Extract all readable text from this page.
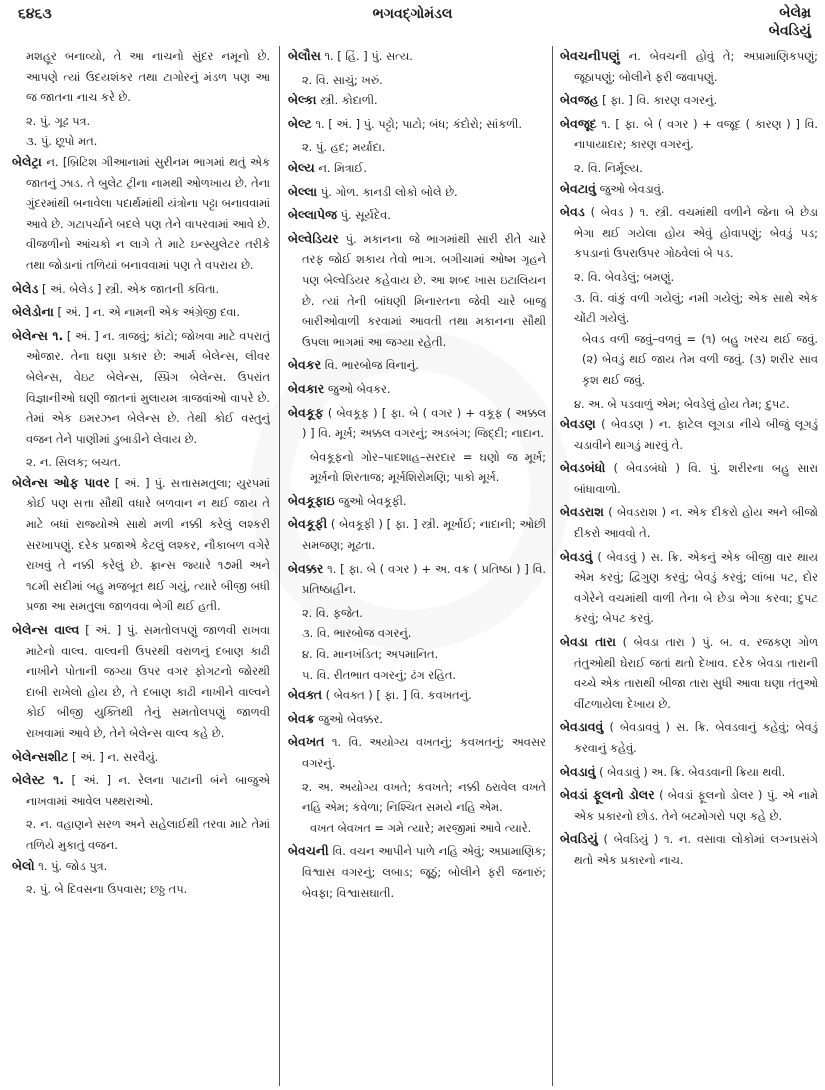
૬૪૬૩	ભગવદ્ગોમંડલ	બેલેમ્ર
બેવડિયું

મશહૂર બનાવ્યો, તે આ નાચનો સુંદર નમૂનો છે. આપણે ત્યાં ઉદયશંકર તથા ટાગોરનું મંડળ પણ આ જ જાતના નાચ કરે છે.

૨. પું. ગૂઢ પત્ર.

૩. પું. છૂપો મત.

બેલેટ્રા ન. [બ્રિટિશ ગીઆનામાં સુરીનમ ભાગમાં થતું એક જાતનું ઝાડ. તે બુલેટ ટ્રીના નામથી ઓળખાય છે. તેના ગુંદરમાંથી બનાવેલા પદાર્થમાંથી યંત્રોના પટ્ટા બનાવવામાં આવે છે. ગટાપર્ચાને બદલે પણ તેને વાપરવામાં આવે છે. વીજળીનો આંચકો ન લાગે તે માટે ઇન્સ્યુલેટર તરીકે તથા જોડાનાં તળિયાં બનાવવામાં પણ તે વપરાય છે.

બેલેડ [ અં. બેલેડ ] સ્ત્રી. એક જાતની કવિતા.

બેલેડોના [ અં. ] ન. એ નામની એક અંગ્રેજી દવા.

બેલેન્સ ૧. [ અં. ] ન. ત્રાજવું; કાંટો; જોખવા માટે વપરાતું ઓજાર. તેના ઘણા પ્રકાર છે: આર્મ બેલેન્સ, લીવર બેલેન્સ, વેઇટ બેલેન્સ, સ્પ્રિંગ બેલેન્સ. ઉપરાંત વિજ્ઞાનીઓ ઘણી જાતનાં મુલાયમ ત્રાજવાંઓ વાપરે છે. તેમાં એક ઇમરઝન બેલેન્સ છે. તેથી કોઈ વસ્તુનું વજન તેને પાણીમાં ડુબાડીને લેવાય છે.

૨. ન. સિલક; બચત.

બેલેન્સ ઓફ પાવર [ અં. ] પું. સત્તાસમતુલા; યુરપમાં કોઈ પણ સત્તા સૌથી વધારે બળવાન ન થઈ જાય તે માટે બધાં રાજ્યોએ સાથે મળી નક્કી કરેલું લશ્કરી સરખાપણું. દરેક પ્રજાએ કેટલું લશ્કર, નૌકાબળ વગેરે રાખવું તે નક્કી કરેલું છે. ફ્રાન્સ જ્યારે ૧૭મી અને ૧૮મી સદીમાં બહુ મજબૂત થઈ ગયું, ત્યારે બીજી બધી પ્રજા આ સમતુલા જાળવવા ભેગી થઈ હતી.

બેલેન્સ વાલ્વ [ અં. ] પું. સમતોલપણું જાળવી રાખવા માટેનો વાલ્વ. વાલ્વની ઉપરથી વરાળનું દબાણ કાઢી નાખીને પોતાની જગ્યા ઉપર વગર ફોગટનો જોરથી દાબી રાખેલો હોય છે, તે દબાણ કાઢી નાખીને વાલ્વને કોઈ બીજી યુક્તિથી તેનું સમતોલપણું જાળવી રાખવામાં આવે છે, તેને બેલેન્સ વાલ્વ કહે છે.

બેલેન્સશીટ [ અં. ] ન. સરવૈયું.

બેલેસ્ટ ૧. [ અં. ] ન. રેલના પાટાની બંને બાજુએ નાખવામાં આવેલ પથ્થરાઓ.

૨. ન. વહાણને સરળ અને સહેલાઈથી તરવા માટે તેમાં તળિયે મુકાતું વજન.

બેલો ૧. પું. જોડ પુત્ર.

૨. પું. બે દિવસના ઉપવાસ; છઠ્ઠ તપ.

બેલૌસ ૧. [ હિં. ] પું. સત્ય.

૨. વિ. સાચું; ખરું.

બેલ્કા સ્ત્રી. કોદાળી.

બેલ્ટ ૧. [ અં. ] પું. પટ્ટો; પાટો; બંધ; કંદોરો; સાંકળી.

૨. પું. હદ; મર્યાદા.

બેલ્ય ન. મિત્રાઈ.

બેલ્લા પું. ગોળ. કાનડી લોકો બોલે છે.

બેલ્લાપેજ પું. સૂર્યદેવ.

બેલ્વેડિયર પું. મકાનના જે ભાગમાંથી સારી રીતે ચારે તરફ જોઈ શકાય તેવો ભાગ. બગીચામાં ઓષ્મ ગૃહને પણ બેલ્વેડિયર કહેવાય છે. આ શબ્દ ખાસ ઇટાલિયન છે. ત્યાં તેની બાંધણી મિનારતના જેવી ચારે બાજુ બારીઓવાળી કરવામાં આવતી તથા મકાનના સૌથી ઉપલા ભાગમાં આ જગ્યા રહેતી.

બેવકર વિ. ભારબોજ વિનાનું.

બેવકાર જુઓ બેવકર.

બેવકૂફ ( બેવકૂફ ) [ ફા. બે ( વગર ) + વકૂફ ( અક્કલ ) ] વિ. મૂર્ખ; અક્કલ વગરનું; અડબંગ; જિદ્દી; નાદાન.

બેવકૂફનો ગોર–પાદશાહ–સરદાર = ઘણો જ મૂર્ખ; મૂર્ખનો શિરતાજ; મૂર્ખશિરોમણિ; પાકો મૂર્ખ.

બેવકૂફાઇ જુઓ બેવકૂફી.

બેવકૂફી ( બેવકૂફી ) [ ફા. ] સ્ત્રી. મૂર્ખાઈ; નાદાની; ઓછી સમજણ; મૂઢતા.

બેવક્કર ૧. [ ફા. બે ( વગર ) + અ. વક્ર ( પ્રતિષ્ઠા ) ] વિ. પ્રતિષ્ઠાહીન.

૨. વિ. ફજેત.

૩. વિ. ભારબોજ વગરનું.

૪. વિ. માનખંડિત; અપમાનિત.

૫. વિ. રીતભાત વગરનું; ઢંગ રહિત.

બેવક્ત ( બેવક્ત ) [ ફા. ] વિ. કવખતનું.

બેવક્ર જુઓ બેવક્કર.

બેવખત ૧. વિ. અયોગ્ય વખતનું; કવખતનું; અવસર વગરનું.

૨. અ. અયોગ્ય વખતે; કવખતે; નક્કી ઠરાવેલ વખતે નહિ એમ; કવેળા; નિશ્ચિત સમયે નહિ એમ.

વખત બેવખત = ગમે ત્યારે; મરજીમાં આવે ત્યારે.

બેવચની વિ. વચન આપીને પાળે નહિ એવું; અપ્રામાણિક; વિશ્વાસ વગરનું; લબાડ; જૂઠું; બોલીને ફરી જનારું; બેવફા; વિશ્વાસઘાતી.

બેવચનીપણું ન. બેવચની હોવું તે; અપ્રામાણિકપણું; જૂઠાપણું; બોલીને ફરી જવાપણું.

બેવજહ [ ફા. ] વિ. કારણ વગરનું.

બેવજૂદ ૧. [ ફા. બે ( વગર ) + વજૂદ ( કારણ ) ] વિ. નાપાયાદાર; કારણ વગરનું.

૨. વિ. નિર્મૂલ્ય.

બેવટાવું જુઓ બેવડાવું.

બેવડ ( બેવડ ) ૧. સ્ત્રી. વચમાંથી વળીને જેના બે છેડા ભેગા થઈ ગયેલા હોય એવું હોવાપણું; બેવડું પડ; કપડાનાં ઉપરાઉપર ગોઠવેલાં બે પડ.

૨. વિ. બેવડેલું; બમણું.

૩. વિ. વાંકું વળી ગયેલું; નમી ગયેલું; એક સાથે એક ચોંટી ગયેલું.

બેવડ વળી જવું–વળવું = (૧) બહુ ખરચ થઈ જવું. (૨) બેવડું થઈ જાય તેમ વળી જવું. (૩) શરીર સાવ કૃશ થઈ જવું.

૪. અ. બે પડવાળું એમ; બેવડેલું હોય તેમ; દુપટ.

બેવડણ ( બેવડણ ) ન. ફાટેલ લૂગડા નીચે બીજું લૂગડું ચડાવીને થાગડું મારવું તે.

બેવડબંધો ( બેવડબંધો ) વિ. પું. શરીરના બહુ સારા બાંધાવાળો.

બેવડરાશ ( બેવડરાશ ) ન. એક દીકરો હોય અને બીજો દીકરો આવવો તે.

બેવડવું ( બેવડવું ) સ. ક્રિ. એકનું એક બીજી વાર થાય એમ કરવું; દ્વિગુણ કરવું; બેવડું કરવું; લાંબા પટ, દોર વગેરેને વચમાંથી વાળી તેના બે છેડા ભેગા કરવા; દુપટ કરવું; બેપટ કરવું.

બેવડા તારા ( બેવડા તારા ) પું. બ. વ. રજકણ ગોળ તંતુઓથી ઘેરાઈ જતાં થતો દેખાવ. દરેક બેવડા તારાની વચ્ચે એક તારાથી બીજા તારા સુધી આવા ઘણા તંતુઓ વીંટળાયેલા દેખાય છે.

બેવડાવવું ( બેવડાવવું ) સ. ક્રિ. બેવડવાનું કહેવું; બેવડું કરવાનું કહેવું.

બેવડાવું ( બેવડાવું ) અ. ક્રિ. બેવડવાની ક્રિયા થવી.

બેવડાં ફૂલનો ડોલર ( બેવડાં ફૂલનો ડોલર ) પું. એ નામે એક પ્રકારનો છોડ. તેને બટમોગરો પણ કહે છે.

બેવડિયું ( બેવડિયું ) ૧. ન. વસાવા લોકોમાં લગ્નપ્રસંગે થતો એક પ્રકારનો નાચ.
